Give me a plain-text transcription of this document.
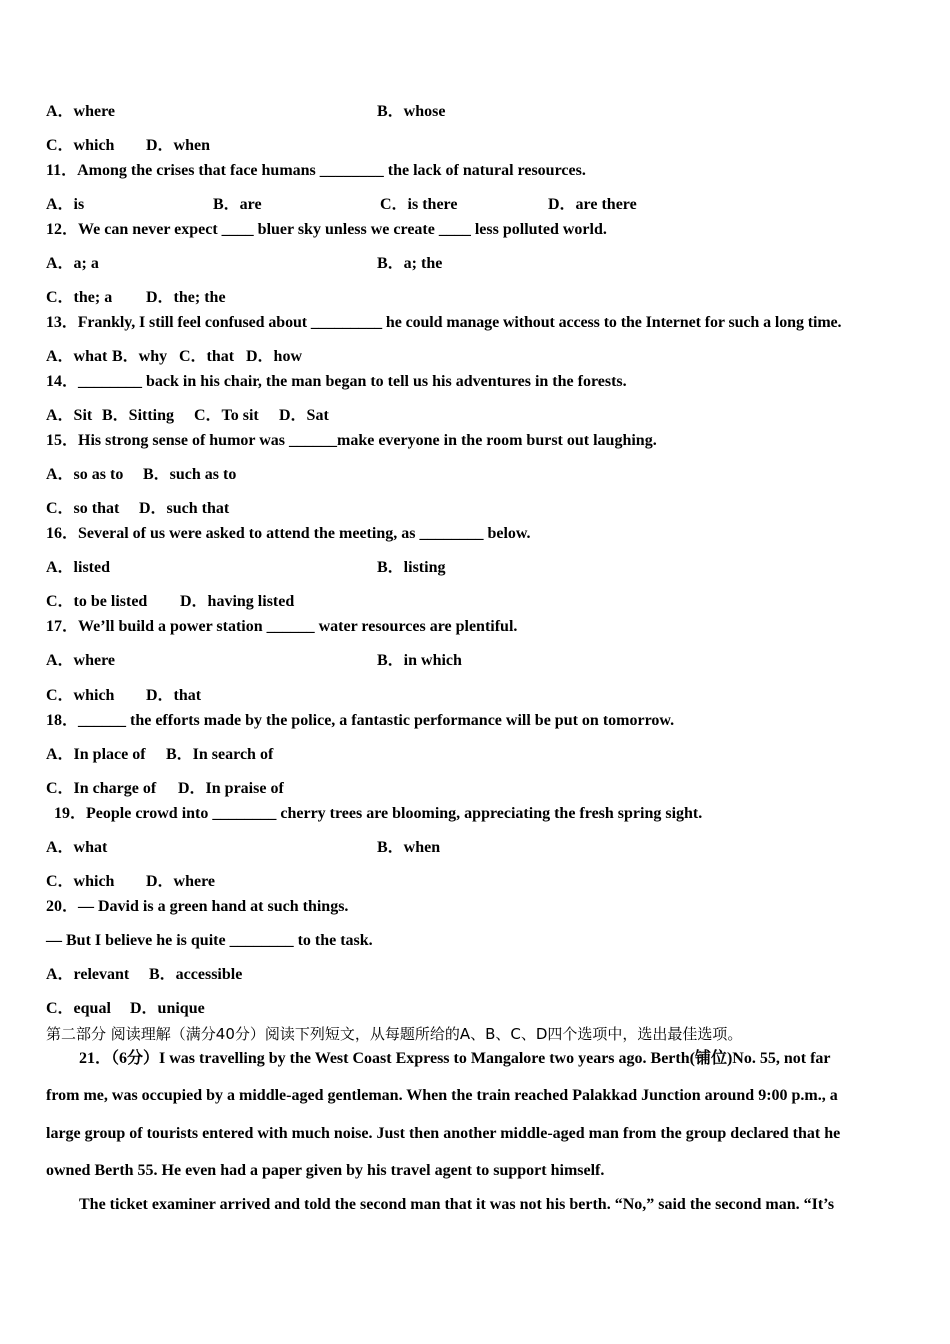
A．where	B．whose
C．which D．when
11．Among the crises that face humans ________ the lack of natural resources.
A．is	B．are	C．is there	D．are there
12．We can never expect ____ bluer sky unless we create ____ less polluted world.
A．a; a	B．a; the
C．the; a D．the; the
13．Frankly, I still feel confused about _________ he could manage without access to the Internet for such a long time.
A．what B．why C．that D．how
14．________ back in his chair, the man began to tell us his adventures in the forests.
A．Sit B．Sitting C．To sit D．Sat
15．His strong sense of humor was ______make everyone in the room burst out laughing.
A．so as to B．such as to
C．so that D．such that
16．Several of us were asked to attend the meeting, as ________ below.
A．listed	B．listing
C．to be listed D．having listed
17．We’ll build a power station ______ water resources are plentiful.
A．where	B．in which
C．which D．that
18．______ the efforts made by the police, a fantastic performance will be put on tomorrow.
A．In place of B．In search of
C．In charge of D．In praise of
19．People crowd into ________ cherry trees are blooming, appreciating the fresh spring sight.
A．what	B．when
C．which D．where
20．— David is a green hand at such things.
— But I believe he is quite ________ to the task.
A．relevant B．accessible
C．equal D．unique
第二部分 阅读理解（满分40分）阅读下列短文，从每题所给的A、B、C、D四个选项中，选出最佳选项。
21．（6分）I was travelling by the West Coast Express to Mangalore two years ago. Berth(铺位)No. 55, not far
from me, was occupied by a middle-aged gentleman. When the train reached Palakkad Junction around 9:00 p.m., a
large group of tourists entered with much noise. Just then another middle-aged man from the group declared that he
owned Berth 55. He even had a paper given by his travel agent to support himself.
The ticket examiner arrived and told the second man that it was not his berth. “No,” said the second man. “It’s
